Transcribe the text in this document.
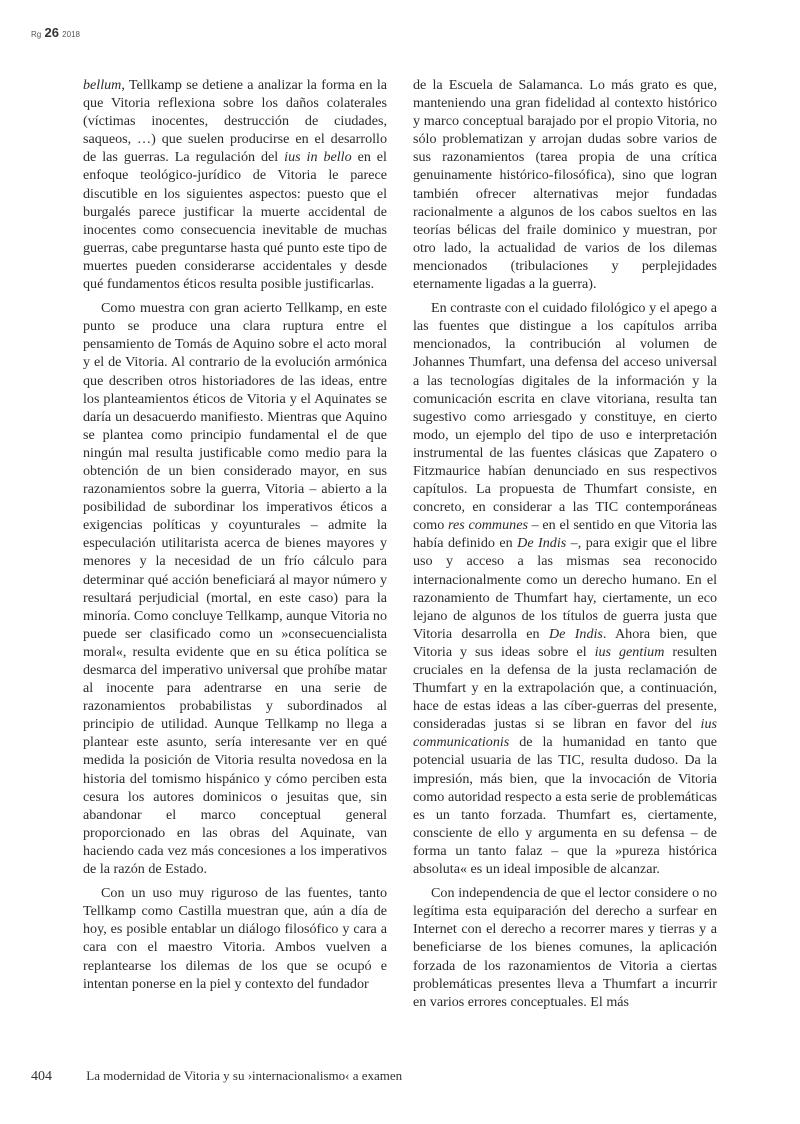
Rg 26 2018

bellum, Tellkamp se detiene a analizar la forma en la que Vitoria reflexiona sobre los daños colaterales (víctimas inocentes, destrucción de ciudades, saqueos, …) que suelen producirse en el desarrollo de las guerras. La regulación del ius in bello en el enfoque teológico-jurídico de Vitoria le parece discutible en los siguientes aspectos: puesto que el burgalés parece justificar la muerte accidental de inocentes como consecuencia inevitable de muchas guerras, cabe preguntarse hasta qué punto este tipo de muertes pueden considerarse accidentales y desde qué fundamentos éticos resulta posible justificarlas.

Como muestra con gran acierto Tellkamp, en este punto se produce una clara ruptura entre el pensamiento de Tomás de Aquino sobre el acto moral y el de Vitoria. Al contrario de la evolución armónica que describen otros historiadores de las ideas, entre los planteamientos éticos de Vitoria y el Aquinates se daría un desacuerdo manifiesto. Mientras que Aquino se plantea como principio fundamental el de que ningún mal resulta justificable como medio para la obtención de un bien considerado mayor, en sus razonamientos sobre la guerra, Vitoria – abierto a la posibilidad de subordinar los imperativos éticos a exigencias políticas y coyunturales – admite la especulación utilitarista acerca de bienes mayores y menores y la necesidad de un frío cálculo para determinar qué acción beneficiará al mayor número y resultará perjudicial (mortal, en este caso) para la minoría. Como concluye Tellkamp, aunque Vitoria no puede ser clasificado como un »consecuencialista moral«, resulta evidente que en su ética política se desmarca del imperativo universal que prohíbe matar al inocente para adentrarse en una serie de razonamientos probabilistas y subordinados al principio de utilidad. Aunque Tellkamp no llega a plantear este asunto, sería interesante ver en qué medida la posición de Vitoria resulta novedosa en la historia del tomismo hispánico y cómo perciben esta cesura los autores dominicos o jesuitas que, sin abandonar el marco conceptual general proporcionado en las obras del Aquinate, van haciendo cada vez más concesiones a los imperativos de la razón de Estado.

Con un uso muy riguroso de las fuentes, tanto Tellkamp como Castilla muestran que, aún a día de hoy, es posible entablar un diálogo filosófico y cara a cara con el maestro Vitoria. Ambos vuelven a replantearse los dilemas de los que se ocupó e intentan ponerse en la piel y contexto del fundador

de la Escuela de Salamanca. Lo más grato es que, manteniendo una gran fidelidad al contexto histórico y marco conceptual barajado por el propio Vitoria, no sólo problematizan y arrojan dudas sobre varios de sus razonamientos (tarea propia de una crítica genuinamente histórico-filosófica), sino que logran también ofrecer alternativas mejor fundadas racionalmente a algunos de los cabos sueltos en las teorías bélicas del fraile dominico y muestran, por otro lado, la actualidad de varios de los dilemas mencionados (tribulaciones y perplejidades eternamente ligadas a la guerra).

En contraste con el cuidado filológico y el apego a las fuentes que distingue a los capítulos arriba mencionados, la contribución al volumen de Johannes Thumfart, una defensa del acceso universal a las tecnologías digitales de la información y la comunicación escrita en clave vitoriana, resulta tan sugestivo como arriesgado y constituye, en cierto modo, un ejemplo del tipo de uso e interpretación instrumental de las fuentes clásicas que Zapatero o Fitzmaurice habían denunciado en sus respectivos capítulos. La propuesta de Thumfart consiste, en concreto, en considerar a las TIC contemporáneas como res communes – en el sentido en que Vitoria las había definido en De Indis –, para exigir que el libre uso y acceso a las mismas sea reconocido internacionalmente como un derecho humano. En el razonamiento de Thumfart hay, ciertamente, un eco lejano de algunos de los títulos de guerra justa que Vitoria desarrolla en De Indis. Ahora bien, que Vitoria y sus ideas sobre el ius gentium resulten cruciales en la defensa de la justa reclamación de Thumfart y en la extrapolación que, a continuación, hace de estas ideas a las cíber-guerras del presente, consideradas justas si se libran en favor del ius communicationis de la humanidad en tanto que potencial usuaria de las TIC, resulta dudoso. Da la impresión, más bien, que la invocación de Vitoria como autoridad respecto a esta serie de problemáticas es un tanto forzada. Thumfart es, ciertamente, consciente de ello y argumenta en su defensa – de forma un tanto falaz – que la »pureza histórica absoluta« es un ideal imposible de alcanzar.

Con independencia de que el lector considere o no legítima esta equiparación del derecho a surfear en Internet con el derecho a recorrer mares y tierras y a beneficiarse de los bienes comunes, la aplicación forzada de los razonamientos de Vitoria a ciertas problemáticas presentes lleva a Thumfart a incurrir en varios errores conceptuales. El más

404	La modernidad de Vitoria y su ›internacionalismo‹ a examen
